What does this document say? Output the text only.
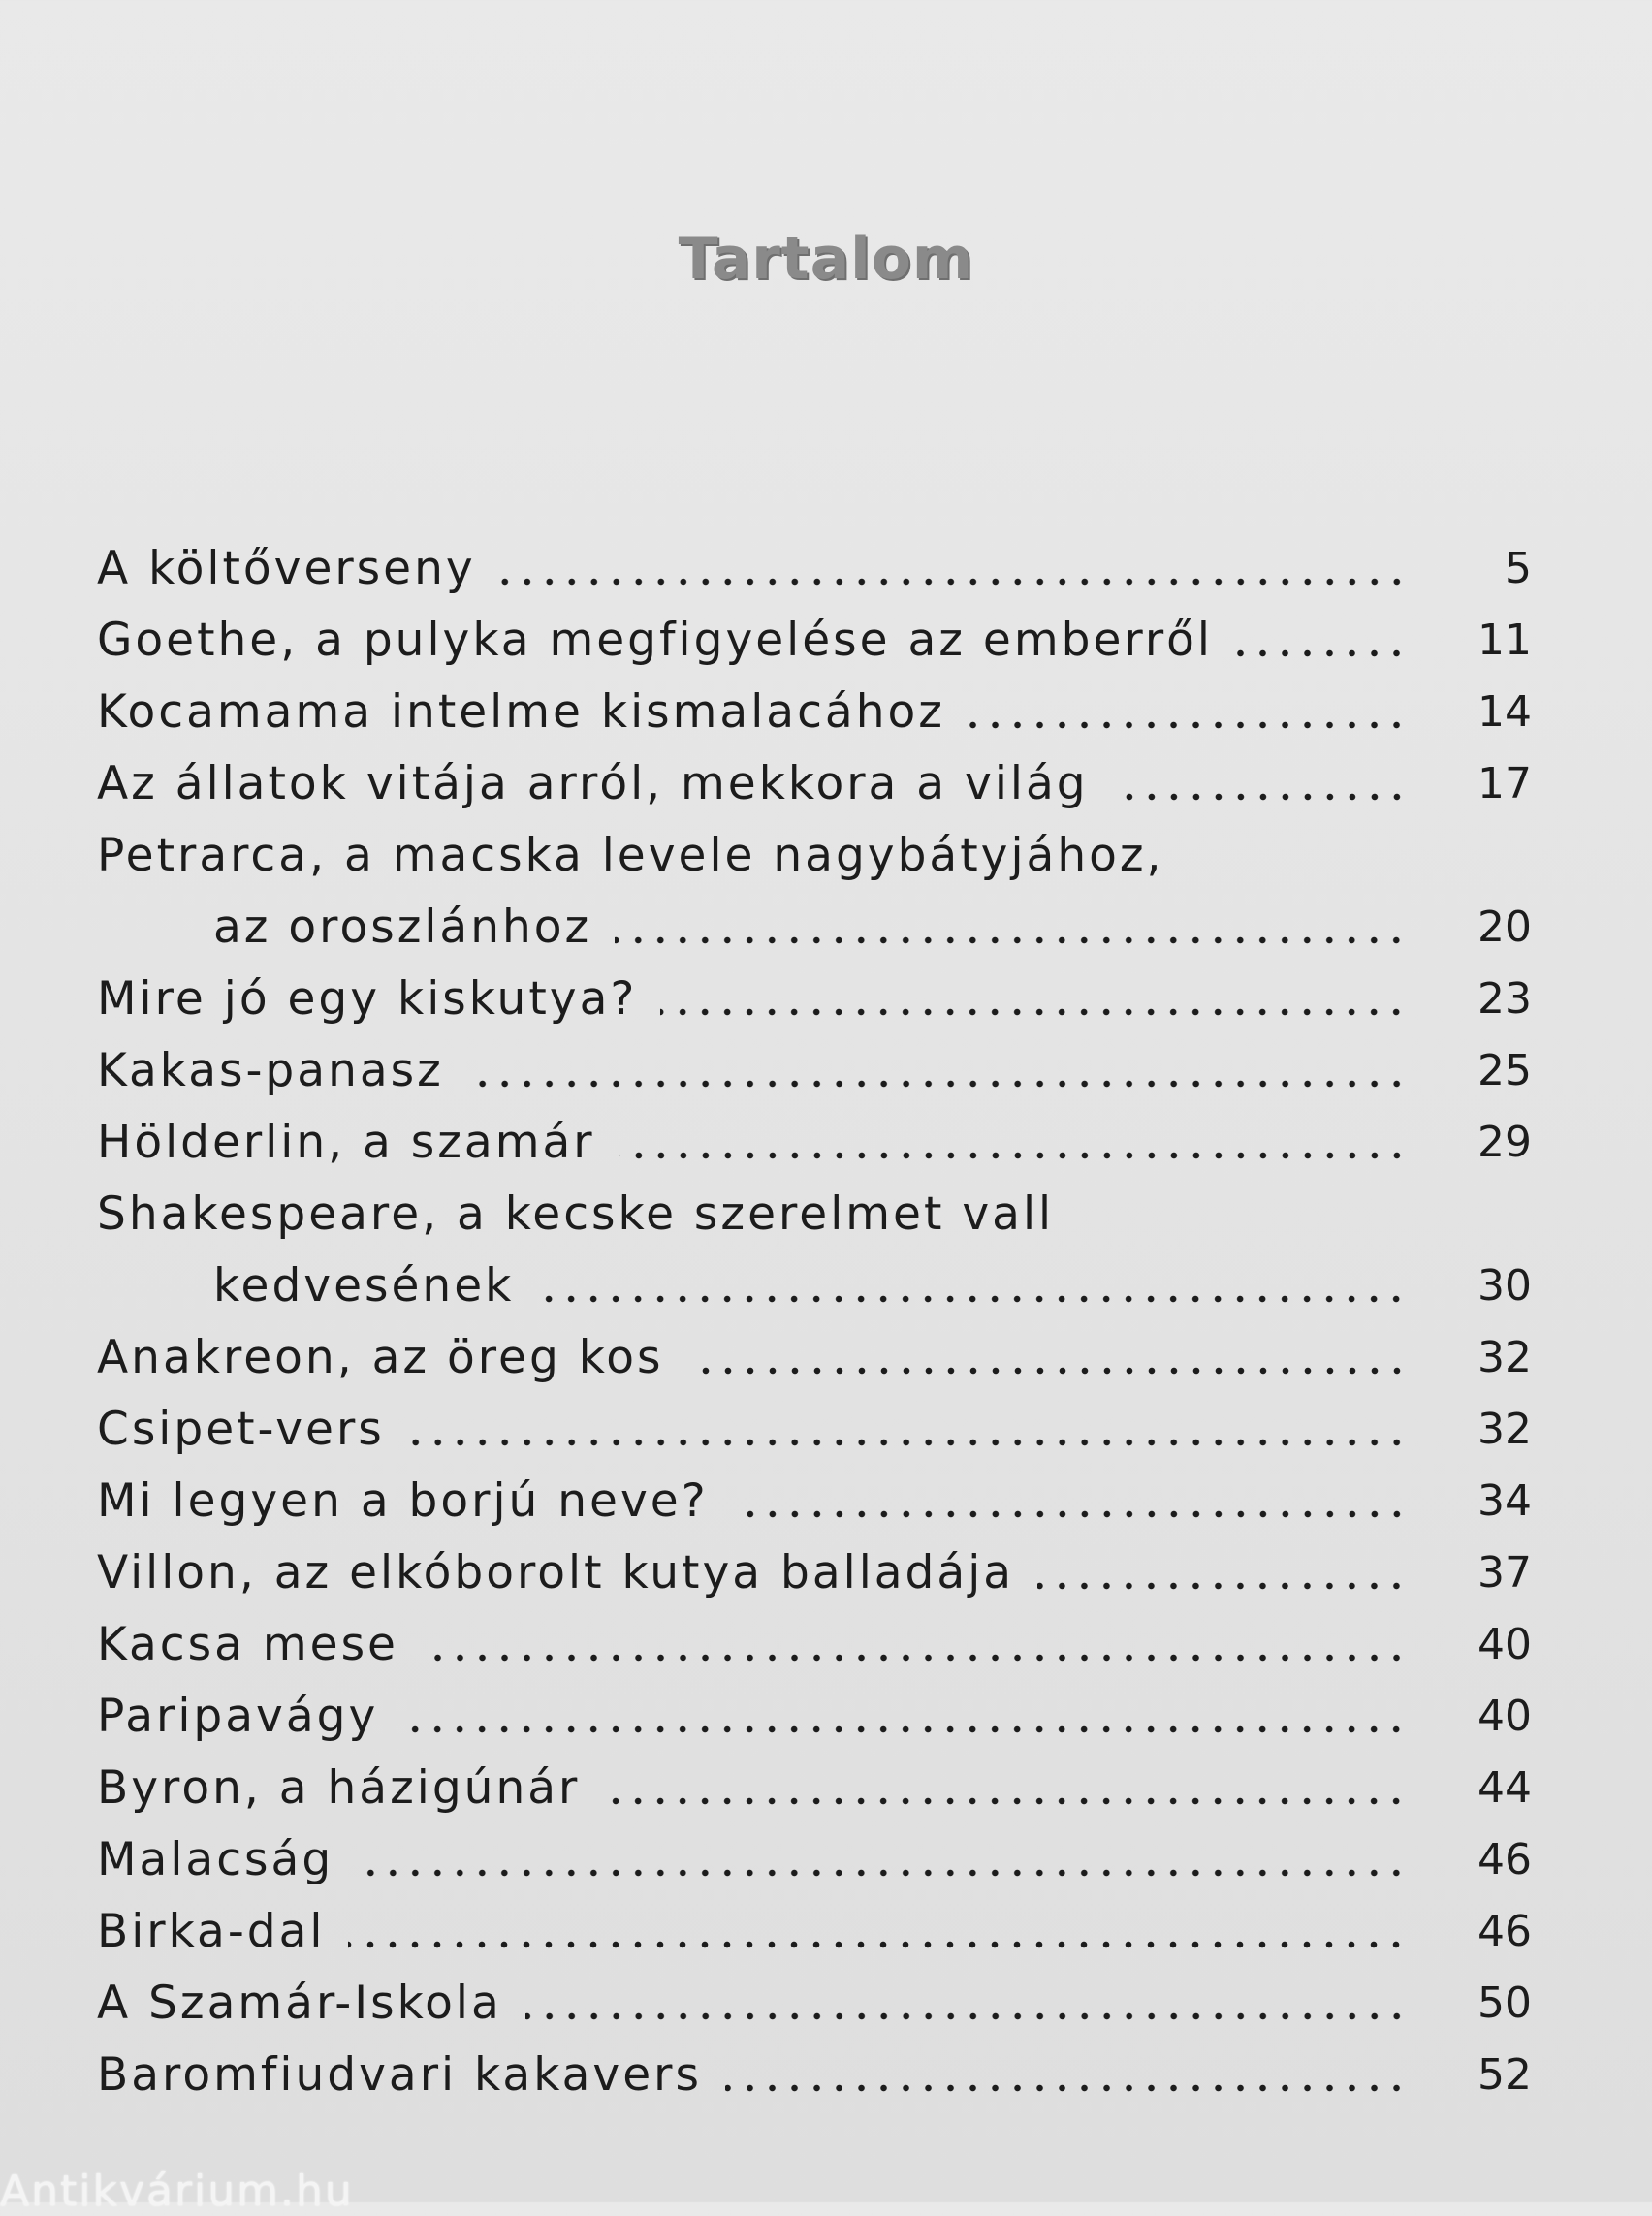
Tartalom
A költőverseny	5
Goethe, a pulyka megfigyelése az emberről	11
Kocamama intelme kismalacához	14
Az állatok vitája arról, mekkora a világ	17
Petrarca, a macska levele nagybátyjához,
az oroszlánhoz	20
Mire jó egy kiskutya?	23
Kakas-panasz	25
Hölderlin, a szamár	29
Shakespeare, a kecske szerelmet vall
kedvesének	30
Anakreon, az öreg kos	32
Csipet-vers	32
Mi legyen a borjú neve?	34
Villon, az elkóborolt kutya balladája	37
Kacsa mese	40
Paripavágy	40
Byron, a házigúnár	44
Malacság	46
Birka-dal	46
A Szamár-Iskola	50
Baromfiudvari kakavers	52
Antikvárium.hu
